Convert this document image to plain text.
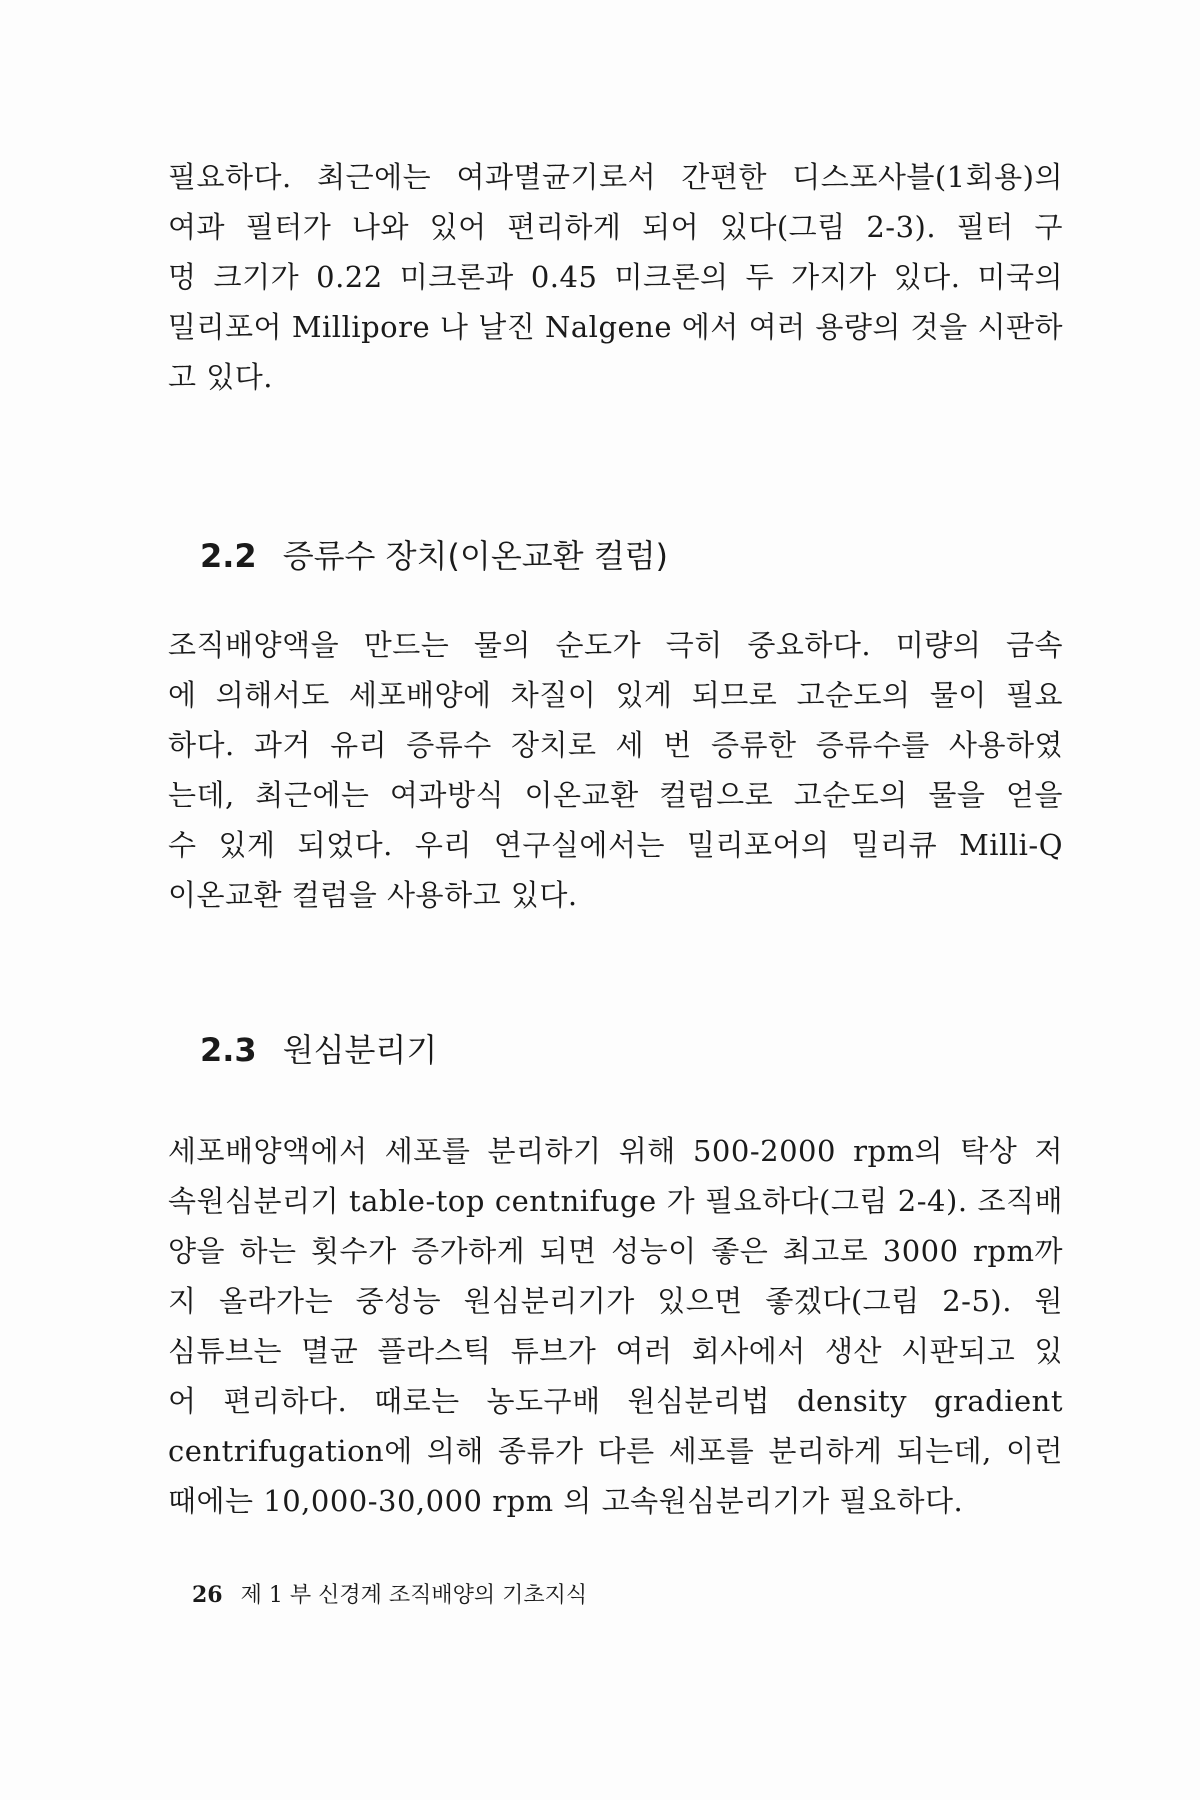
필요하다. 최근에는 여과멸균기로서 간편한 디스포사블(1회용)의
여과 필터가 나와 있어 편리하게 되어 있다(그림 2-3). 필터 구
멍 크기가 0.22 미크론과 0.45 미크론의 두 가지가 있다. 미국의
밀리포어 Millipore 나 날진 Nalgene 에서 여러 용량의 것을 시판하
고 있다.
2.2 증류수 장치(이온교환 컬럼)
조직배양액을 만드는 물의 순도가 극히 중요하다. 미량의 금속
에 의해서도 세포배양에 차질이 있게 되므로 고순도의 물이 필요
하다. 과거 유리 증류수 장치로 세 번 증류한 증류수를 사용하였
는데, 최근에는 여과방식 이온교환 컬럼으로 고순도의 물을 얻을
수 있게 되었다. 우리 연구실에서는 밀리포어의 밀리큐 Milli-Q
이온교환 컬럼을 사용하고 있다.
2.3 원심분리기
세포배양액에서 세포를 분리하기 위해 500-2000 rpm의 탁상 저
속원심분리기 table-top centnifuge 가 필요하다(그림 2-4). 조직배
양을 하는 횟수가 증가하게 되면 성능이 좋은 최고로 3000 rpm까
지 올라가는 중성능 원심분리기가 있으면 좋겠다(그림 2-5). 원
심튜브는 멸균 플라스틱 튜브가 여러 회사에서 생산 시판되고 있
어 편리하다. 때로는 농도구배 원심분리법 density gradient
centrifugation에 의해 종류가 다른 세포를 분리하게 되는데, 이런
때에는 10,000-30,000 rpm 의 고속원심분리기가 필요하다.
26 제 1 부 신경계 조직배양의 기초지식
